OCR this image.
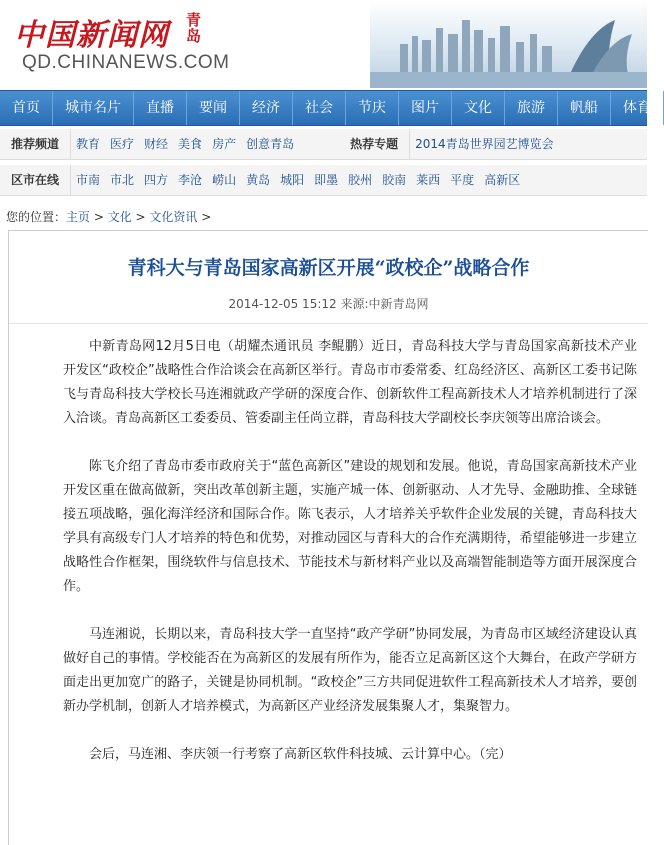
中国新闻网 青岛
QD.CHINANEWS.COM
首页 城市名片 直播 要闻 经济 社会 节庆 图片 文化 旅游 帆船 体育
推荐频道 教育 医疗 财经 美食 房产 创意青岛	热荐专题 2014青岛世界园艺博览会
区市在线 市南 市北 四方 李沧 崂山 黄岛 城阳 即墨 胶州 胶南 莱西 平度 高新区
您的位置：主页 > 文化 > 文化资讯 >
青科大与青岛国家高新区开展“政校企”战略合作
2014-12-05 15:12 来源:中新青岛网

中新青岛网12月5日电（胡耀杰通讯员 李鲲鹏）近日，青岛科技大学与青岛国家高新技术产业开发区“政校企”战略性合作洽谈会在高新区举行。青岛市市委常委、红岛经济区、高新区工委书记陈飞与青岛科技大学校长马连湘就政产学研的深度合作、创新软件工程高新技术人才培养机制进行了深入洽谈。青岛高新区工委委员、管委副主任尚立群，青岛科技大学副校长李庆领等出席洽谈会。

陈飞介绍了青岛市委市政府关于“蓝色高新区”建设的规划和发展。他说，青岛国家高新技术产业开发区重在做高做新，突出改革创新主题，实施产城一体、创新驱动、人才先导、金融助推、全球链接五项战略，强化海洋经济和国际合作。陈飞表示，人才培养关乎软件企业发展的关键，青岛科技大学具有高级专门人才培养的特色和优势，对推动园区与青科大的合作充满期待，希望能够进一步建立战略性合作框架，围绕软件与信息技术、节能技术与新材料产业以及高端智能制造等方面开展深度合作。

马连湘说，长期以来，青岛科技大学一直坚持“政产学研”协同发展，为青岛市区域经济建设认真做好自己的事情。学校能否在为高新区的发展有所作为，能否立足高新区这个大舞台，在政产学研方面走出更加宽广的路子，关键是协同机制。“政校企”三方共同促进软件工程高新技术人才培养，要创新办学机制，创新人才培养模式，为高新区产业经济发展集聚人才，集聚智力。

会后，马连湘、李庆领一行考察了高新区软件科技城、云计算中心。（完）
